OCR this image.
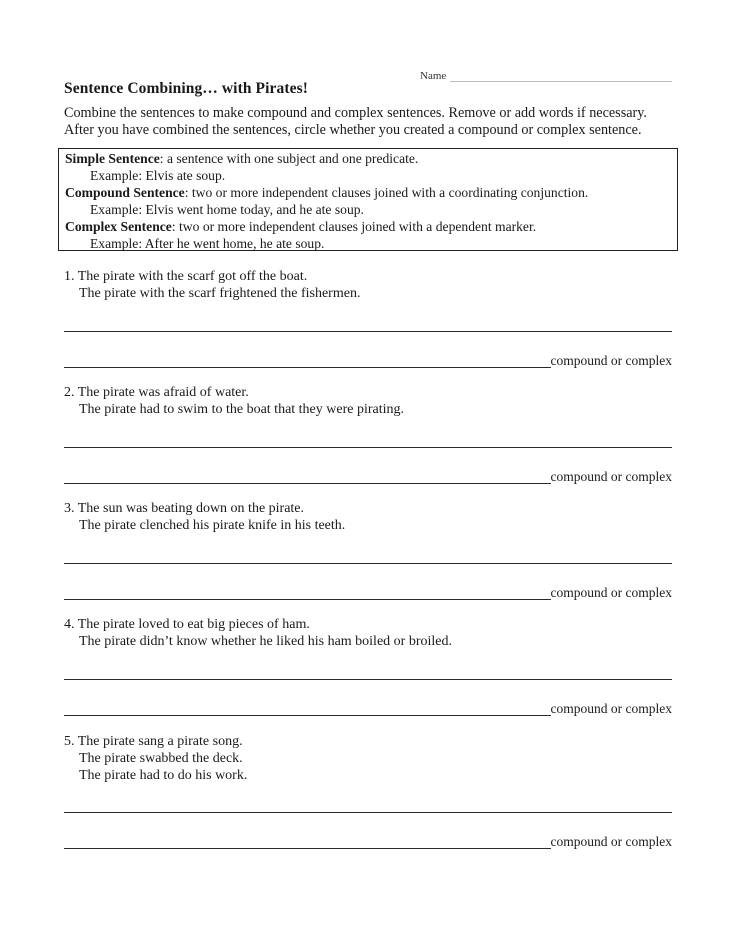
Name
Sentence Combining… with Pirates!
Combine the sentences to make compound and complex sentences. Remove or add words if necessary.
After you have combined the sentences, circle whether you created a compound or complex sentence.
Simple Sentence: a sentence with one subject and one predicate.
Example: Elvis ate soup.
Compound Sentence: two or more independent clauses joined with a coordinating conjunction.
Example: Elvis went home today, and he ate soup.
Complex Sentence: two or more independent clauses joined with a dependent marker.
Example: After he went home, he ate soup.
1. The pirate with the scarf got off the boat.
The pirate with the scarf frightened the fishermen.
compound or complex
2. The pirate was afraid of water.
The pirate had to swim to the boat that they were pirating.
compound or complex
3. The sun was beating down on the pirate.
The pirate clenched his pirate knife in his teeth.
compound or complex
4. The pirate loved to eat big pieces of ham.
The pirate didn’t know whether he liked his ham boiled or broiled.
compound or complex
5. The pirate sang a pirate song.
The pirate swabbed the deck.
The pirate had to do his work.
compound or complex
